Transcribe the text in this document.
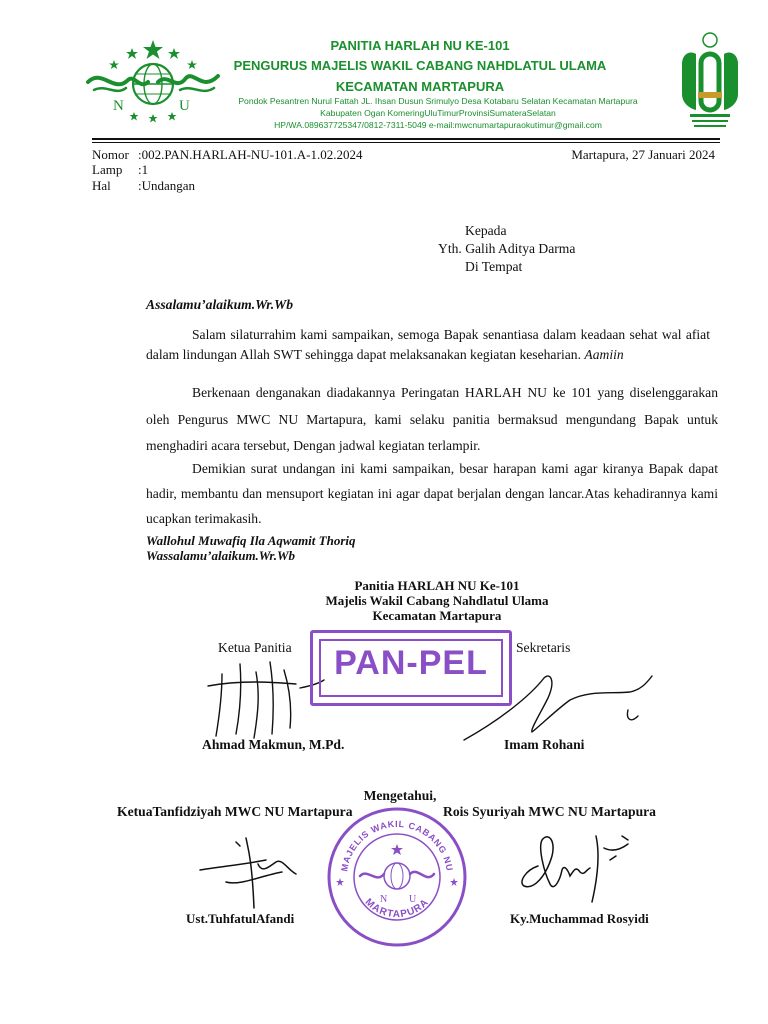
N	U
PANITIA HARLAH NU KE-101
PENGURUS MAJELIS WAKIL CABANG NAHDLATUL ULAMA
KECAMATAN MARTAPURA
Pondok Pesantren Nurul Fattah JL. Ihsan Dusun Srimulyo Desa Kotabaru Selatan Kecamatan Martapura
Kabupaten Ogan KomeringUluTimurProvinsiSumateraSelatan
HP/WA.089637725347/0812-7311-5049 e-mail:mwcnumartapuraokutimur@gmail.com
Nomor :002.PAN.HARLAH-NU-101.A-1.02.2024	Martapura, 27 Januari 2024
Lamp :1
Hal :Undangan
Kepada
Yth. Galih Aditya Darma
Di Tempat
Assalamu’alaikum.Wr.Wb
Salam silaturrahim kami sampaikan, semoga Bapak senantiasa dalam keadaan sehat wal afiat dalam lindungan Allah SWT sehingga dapat melaksanakan kegiatan keseharian. Aamiin
Berkenaan denganakan diadakannya Peringatan HARLAH NU ke 101 yang diselenggarakan oleh Pengurus MWC NU Martapura, kami selaku panitia bermaksud mengundang Bapak untuk menghadiri acara tersebut, Dengan jadwal kegiatan terlampir.
Demikian surat undangan ini kami sampaikan, besar harapan kami agar kiranya Bapak dapat hadir, membantu dan mensuport kegiatan ini agar dapat berjalan dengan lancar.Atas kehadirannya kami ucapkan terimakasih.
Wallohul Muwafiq Ila Aqwamit Thoriq
Wassalamu’alaikum.Wr.Wb
Panitia HARLAH NU Ke-101
Majelis Wakil Cabang Nahdlatul Ulama
Kecamatan Martapura
Ketua Panitia	Sekretaris
PAN-PEL
Ahmad Makmun, M.Pd.	Imam Rohani
Mengetahui,
KetuaTanfidziyah MWC NU Martapura	Rois Syuriyah MWC NU Martapura
MAJELIS WAKIL CABANG NU
MARTAPURA
N U
Ust.TuhfatulAfandi	Ky.Muchammad Rosyidi
